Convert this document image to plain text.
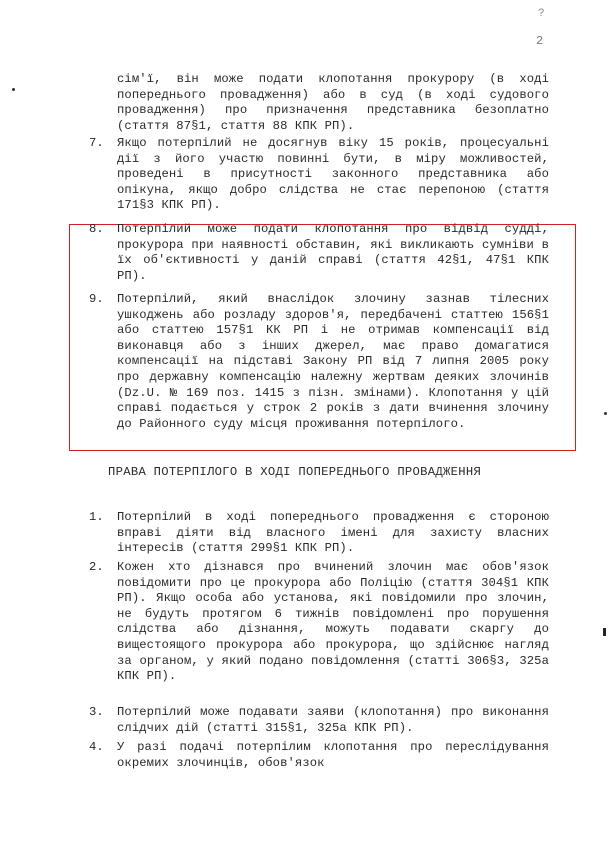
?
2
сім'ї, він може подати клопотання прокурору (в ході попереднього провадження) або в суд (в ході судового провадження) про призначення представника безоплатно (стаття 87§1, стаття 88 КПК РП).
7. Якщо потерпілий не досягнув віку 15 років, процесуальні дії з його участю повинні бути, в міру можливостей, проведені в присутності законного представника або опікуна, якщо добро слідства не стає перепоною (стаття 171§3 КПК РП).
8. Потерпілий може подати клопотання про відвід судді, прокурора при наявності обставин, які викликають сумніви в їх об'єктивності у даній справі (стаття 42§1, 47§1 КПК РП).
9. Потерпілий, який внаслідок злочину зазнав тілесних ушкоджень або розладу здоров'я, передбачені статтею 156§1 або статтею 157§1 КК РП і не отримав компенсації від виконавця або з інших джерел, має право домагатися компенсації на підставі Закону РП від 7 липня 2005 року про державну компенсацію належну жертвам деяких злочинів (Dz.U. № 169 поз. 1415 з пізн. змінами). Клопотання у цій справі подається у строк 2 років з дати вчинення злочину до Районного суду місця проживання потерпілого.
ПРАВА ПОТЕРПІЛОГО В ХОДІ ПОПЕРЕДНЬОГО ПРОВАДЖЕННЯ
1. Потерпілий в ході попереднього провадження є стороною вправі діяти від власного імені для захисту власних інтересів (стаття 299§1 КПК РП).
2. Кожен хто дізнався про вчинений злочин має обов'язок повідомити про це прокурора або Поліцію (стаття 304§1 КПК РП). Якщо особа або установа, які повідомили про злочин, не будуть протягом 6 тижнів повідомлені про порушення слідства або дізнання, можуть подавати скаргу до вищестоящого прокурора або прокурора, що здійснює нагляд за органом, у який подано повідомлення (статті 306§3, 325а КПК РП).
3. Потерпілий може подавати заяви (клопотання) про виконання слідчих дій (статті 315§1, 325а КПК РП).
4. У разі подачі потерпілим клопотання про переслідування окремих злочинців, обов'язок
